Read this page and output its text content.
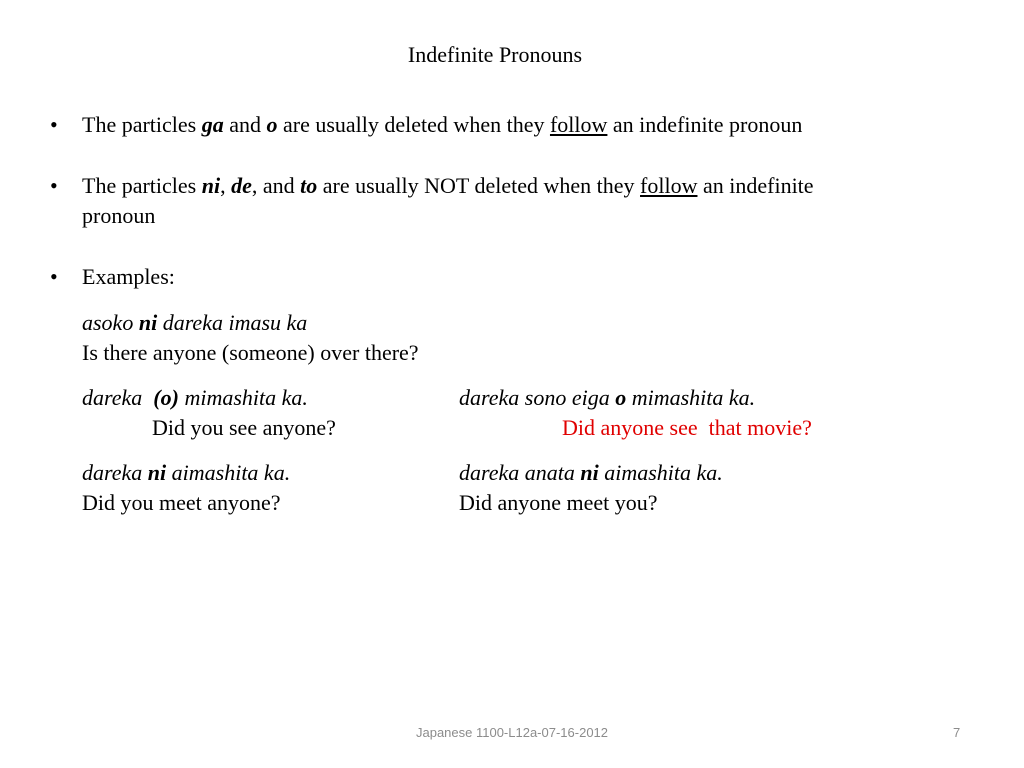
Indefinite Pronouns
• The particles ga and o are usually deleted when they follow an indefinite pronoun
• The particles ni, de, and to are usually NOT deleted when they follow an indefinite
pronoun
• Examples:
asoko ni dareka imasu ka
Is there anyone (someone) over there?
dareka  (o) mimashita ka.
Did you see anyone?
dareka sono eiga o mimashita ka.
Did anyone see  that movie?
dareka ni aimashita ka.
Did you meet anyone?
dareka anata ni aimashita ka.
Did anyone meet you?
Japanese 1100-L12a-07-16-2012	7
